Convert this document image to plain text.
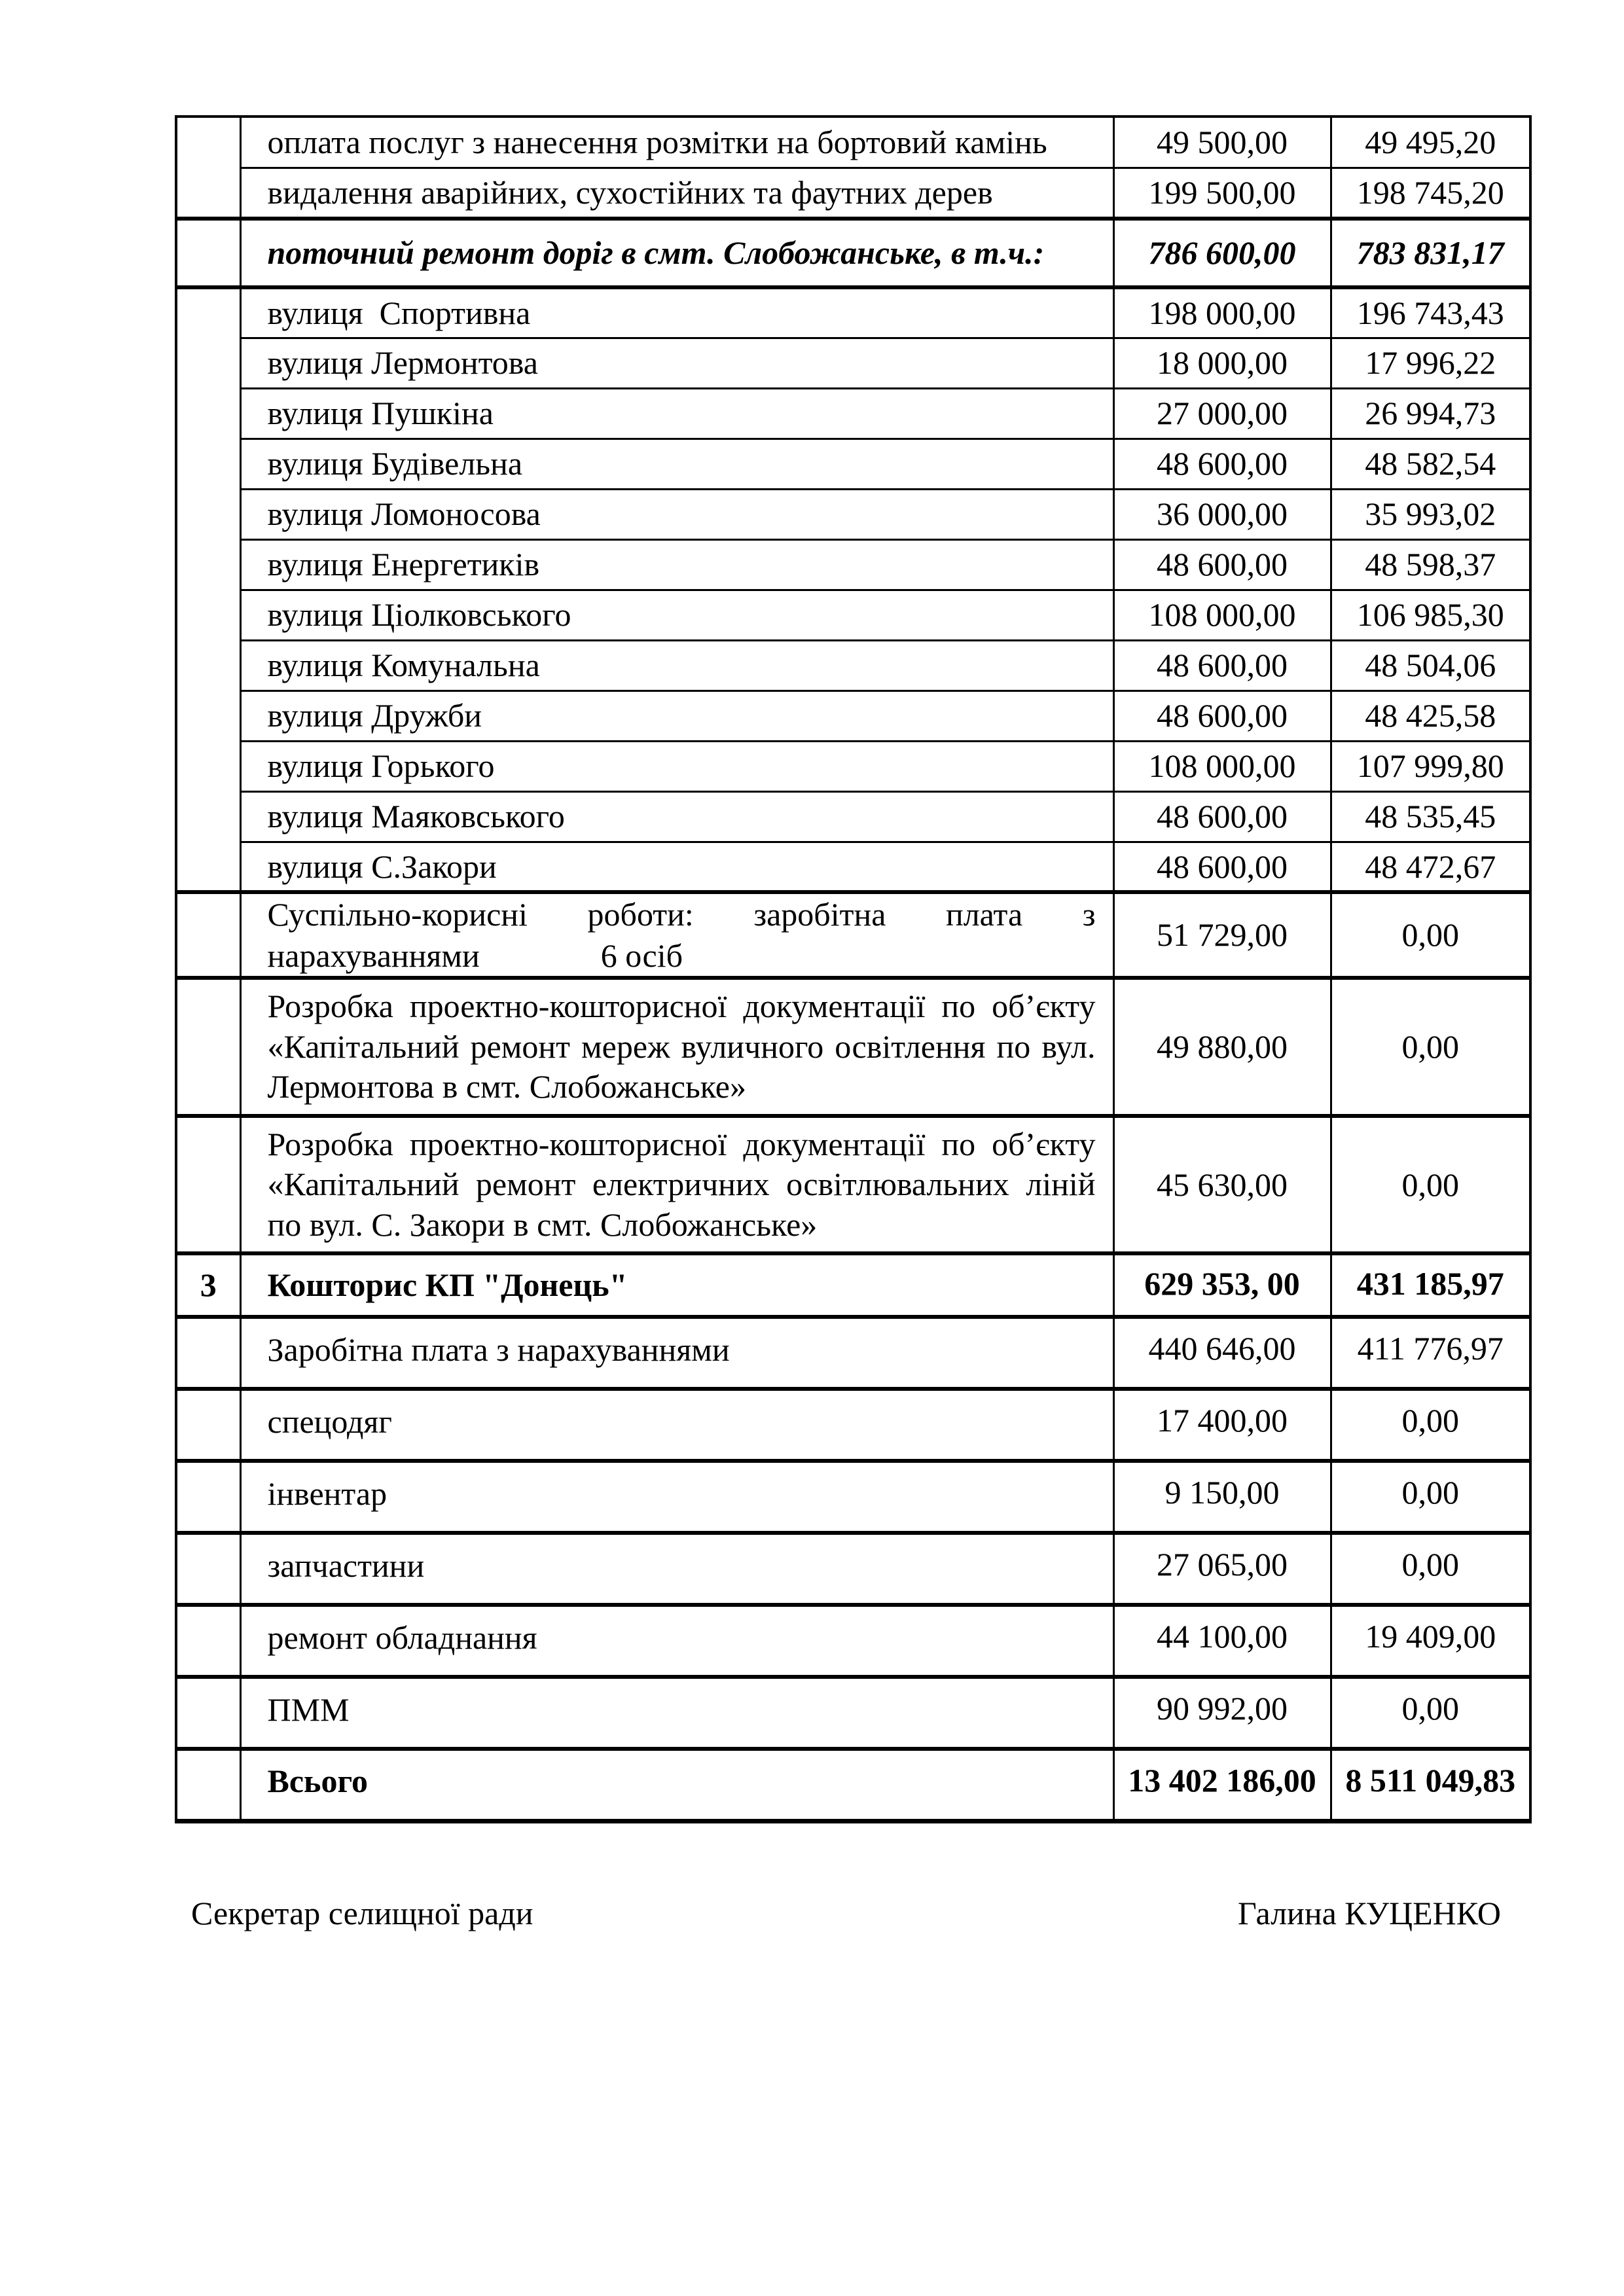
	оплата послуг з нанесення розмітки на бортовий камінь	49 500,00	49 495,20
	видалення аварійних, сухостійних та фаутних дерев	199 500,00	198 745,20
	поточний ремонт доріг в смт. Слобожанське, в т.ч.:	786 600,00	783 831,17
	вулиця  Спортивна	198 000,00	196 743,43
	вулиця Лермонтова	18 000,00	17 996,22
	вулиця Пушкіна	27 000,00	26 994,73
	вулиця Будівельна	48 600,00	48 582,54
	вулиця Ломоносова	36 000,00	35 993,02
	вулиця Енергетиків	48 600,00	48 598,37
	вулиця Ціолковського	108 000,00	106 985,30
	вулиця Комунальна	48 600,00	48 504,06
	вулиця Дружби	48 600,00	48 425,58
	вулиця Горького	108 000,00	107 999,80
	вулиця Маяковського	48 600,00	48 535,45
	вулиця С.Закори	48 600,00	48 472,67

	Суспільно-корисні роботи: заробітна плата з
нарахуваннями 6 осіб	51 729,00	0,00
	Розробка проектно-кошторисної документації по об’єкту «Капітальний ремонт мереж вуличного освітлення по вул. Лермонтова в смт. Слобожанське»	49 880,00	0,00
	Розробка проектно-кошторисної документації по об’єкту «Капітальний ремонт електричних освітлювальних ліній по вул. С. Закори в смт. Слобожанське»	45 630,00	0,00
3	Кошторис КП "Донець"	629 353, 00	431 185,97
	Заробітна плата з нарахуваннями	440 646,00	411 776,97
	спецодяг	17 400,00	0,00
	інвентар	9 150,00	0,00
	запчастини	27 065,00	0,00
	ремонт обладнання	44 100,00	19 409,00
	ПММ	90 992,00	0,00
	Всього	13 402 186,00	8 511 049,83
Секретар селищної ради	Галина КУЦЕНКО
